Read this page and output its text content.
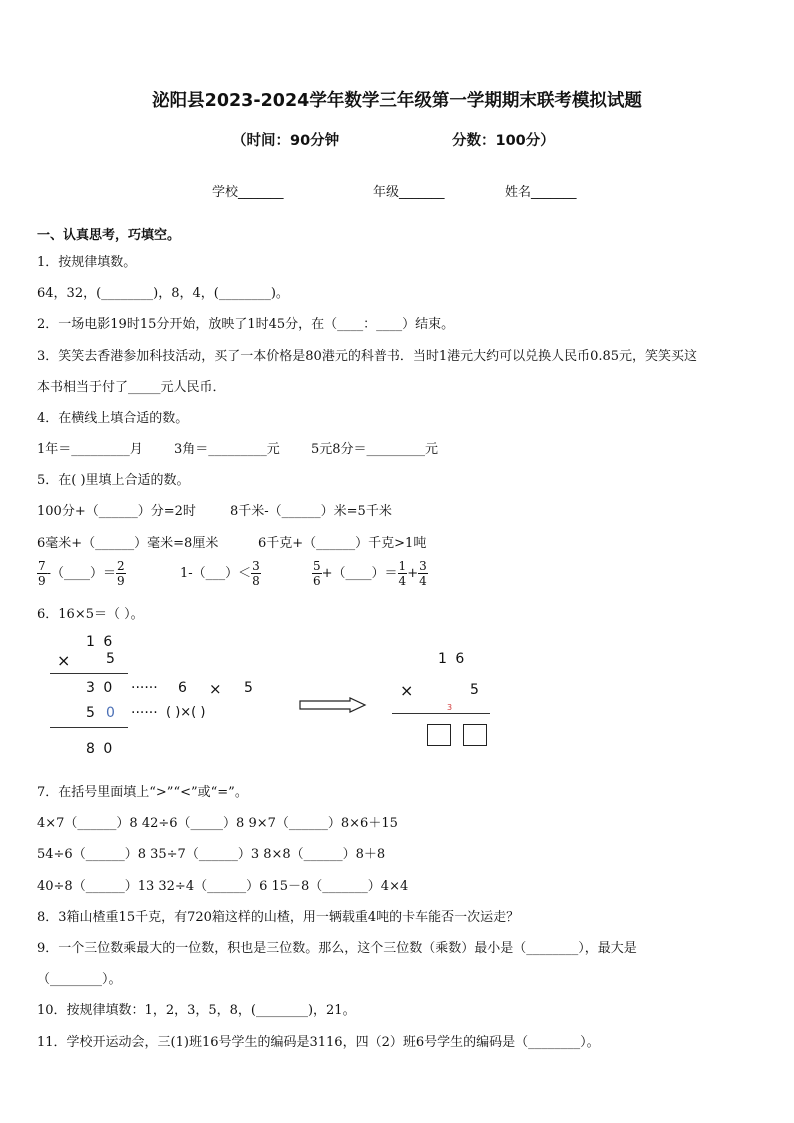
泌阳县2023-2024学年数学三年级第一学期期末联考模拟试题
（时间：90分钟	分数：100分）
学校_______	年级_______	姓名_______
一、认真思考，巧填空。
1．按规律填数。
64，32，(________)，8，4，(________)。
2．一场电影19时15分开始，放映了1时45分，在（____：____）结束。
3．笑笑去香港参加科技活动，买了一本价格是80港元的科普书．当时1港元大约可以兑换人民币0.85元，笑笑买这
本书相当于付了_____元人民币．
4．在横线上填合适的数。
1年＝_________月 3角＝_________元 5元8分＝_________元
5．在( )里填上合适的数。
100分+（______）分=2时	8千米-（______）米=5千米
6毫米+（______）毫米=8厘米	6千克+（______）千克>1吨
$\frac{7}{9}$ -（____）＝ $\frac{2}{9}$	1-（___）＜ $\frac{3}{8}$	$\frac{5}{6}$ +（____）＝ $\frac{1}{4} + \frac{3}{4}$
6．16×5＝（ ）。
1 6
×	5
3 0 ······ 6 × 5
5 0 ······ ( )×( )
8 0
1 6
×	5
3
7．在括号里面填上“>”“<”或“=”。
4×7（______）8 42÷6（_____）8 9×7（______）8×6＋15
54÷6（______）8 35÷7（______）3 8×8（______）8＋8
40÷8（______）13 32÷4（______）6 15－8（_______）4×4
8．3箱山楂重15千克，有720箱这样的山楂，用一辆载重4吨的卡车能否一次运走？
9．一个三位数乘最大的一位数，积也是三位数。那么，这个三位数（乘数）最小是（________），最大是
（________）。
10．按规律填数：1，2，3，5，8，(________)，21。
11．学校开运动会，三(1)班16号学生的编码是3116，四（2）班6号学生的编码是（________）。
